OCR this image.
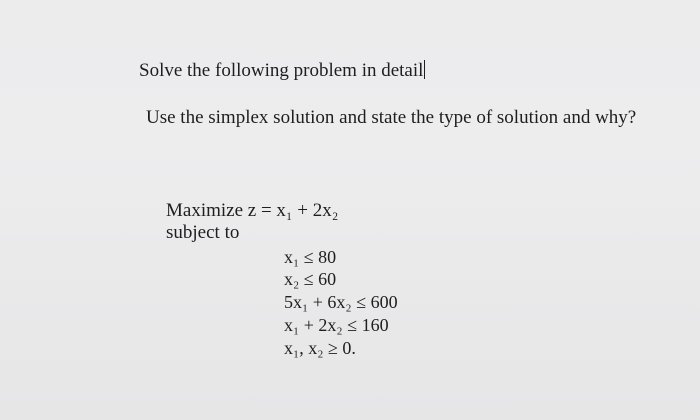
Solve the following problem in detail
Use the simplex solution and state the type of solution and why?
Maximize z = x₁ + 2x₂
subject to
x₁ ≤ 80
x₂ ≤ 60
5x₁ + 6x₂ ≤ 600
x₁ + 2x₂ ≤ 160
x₁, x₂ ≥ 0.
